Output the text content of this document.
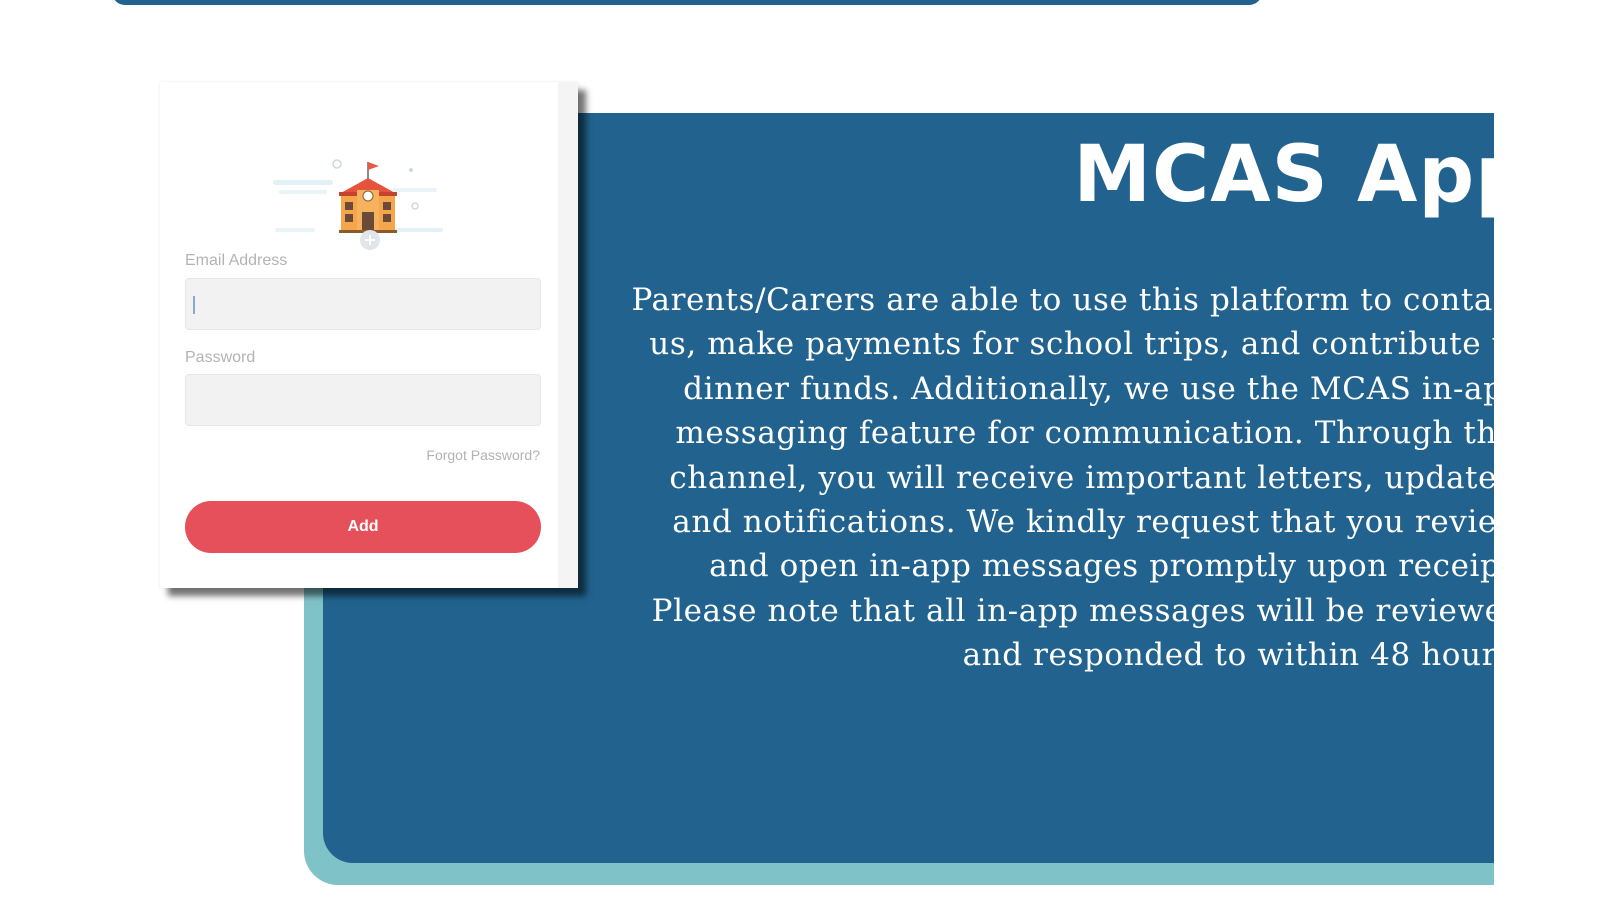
MCAS App

Parents/Carers are able to use this platform to contact us, make payments for school trips, and contribute to dinner funds. Additionally, we use the MCAS in-app messaging feature for communication. Through this channel, you will receive important letters, updates, and notifications. We kindly request that you review and open in-app messages promptly upon receipt. Please note that all in-app messages will be reviewed and responded to within 48 hours.

Email Address
Password
Forgot Password?
Add
